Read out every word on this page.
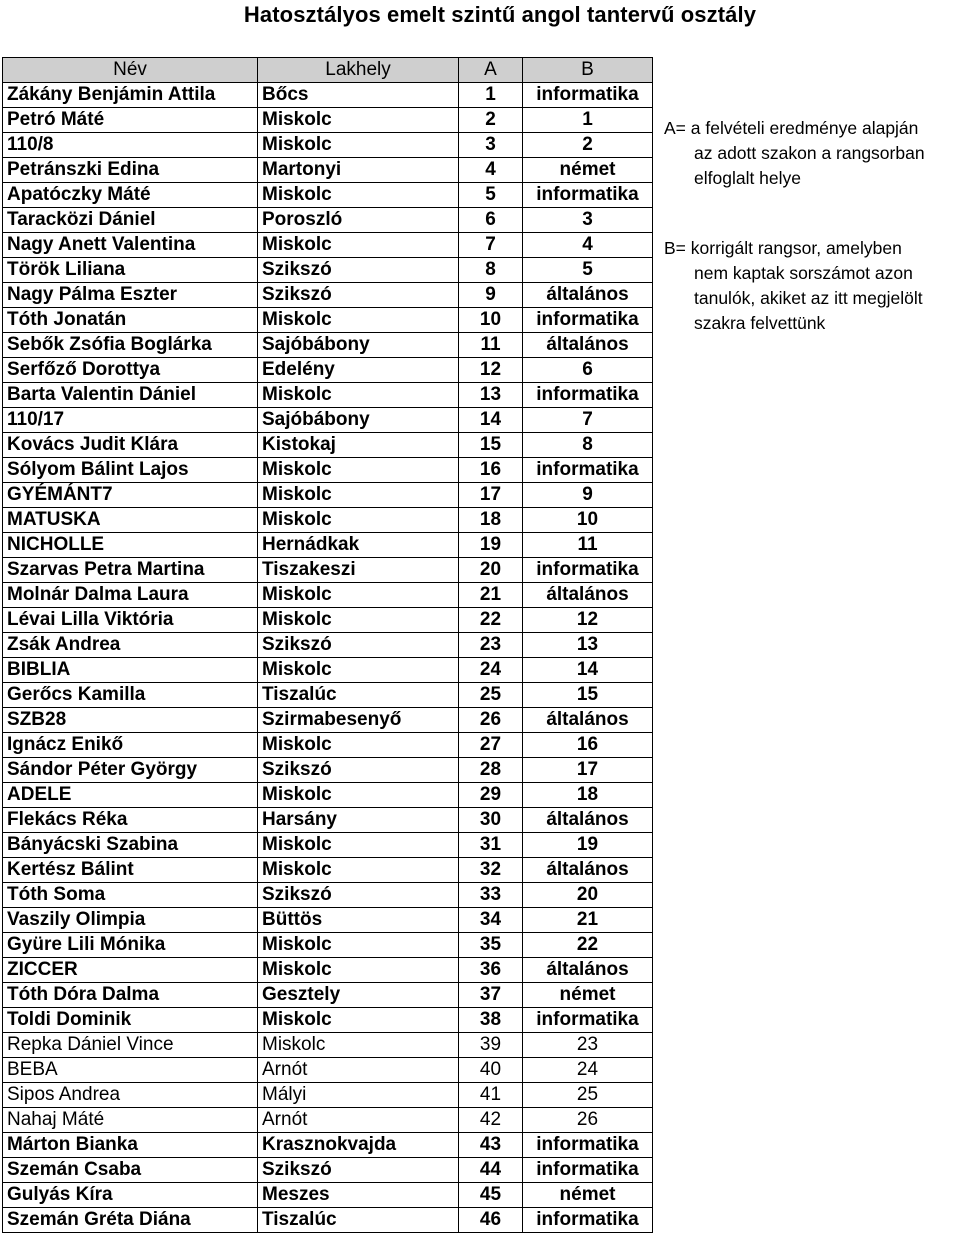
Hatosztályos emelt szintű angol tantervű osztály
Név	Lakhely	A	B
Zákány Benjámin Attila	Bőcs	1	informatika
Petró Máté	Miskolc	2	1
110/8	Miskolc	3	2
Petránszki Edina	Martonyi	4	német
Apatóczky Máté	Miskolc	5	informatika
Taracközi Dániel	Poroszló	6	3
Nagy Anett Valentina	Miskolc	7	4
Török Liliana	Szikszó	8	5
Nagy Pálma Eszter	Szikszó	9	általános
Tóth Jonatán	Miskolc	10	informatika
Sebők Zsófia Boglárka	Sajóbábony	11	általános
Serfőző Dorottya	Edelény	12	6
Barta Valentin Dániel	Miskolc	13	informatika
110/17	Sajóbábony	14	7
Kovács Judit Klára	Kistokaj	15	8
Sólyom Bálint Lajos	Miskolc	16	informatika
GYÉMÁNT7	Miskolc	17	9
MATUSKA	Miskolc	18	10
NICHOLLE	Hernádkak	19	11
Szarvas Petra Martina	Tiszakeszi	20	informatika
Molnár Dalma Laura	Miskolc	21	általános
Lévai Lilla Viktória	Miskolc	22	12
Zsák Andrea	Szikszó	23	13
BIBLIA	Miskolc	24	14
Gerőcs Kamilla	Tiszalúc	25	15
SZB28	Szirmabesenyő	26	általános
Ignácz Enikő	Miskolc	27	16
Sándor Péter György	Szikszó	28	17
ADELE	Miskolc	29	18
Flekács Réka	Harsány	30	általános
Bányácski Szabina	Miskolc	31	19
Kertész Bálint	Miskolc	32	általános
Tóth Soma	Szikszó	33	20
Vaszily Olimpia	Büttös	34	21
Gyüre Lili Mónika	Miskolc	35	22
ZICCER	Miskolc	36	általános
Tóth Dóra Dalma	Gesztely	37	német
Toldi Dominik	Miskolc	38	informatika
Repka Dániel Vince	Miskolc	39	23
BEBA	Arnót	40	24
Sipos Andrea	Mályi	41	25
Nahaj Máté	Arnót	42	26
Márton Bianka	Krasznokvajda	43	informatika
Szemán Csaba	Szikszó	44	informatika
Gulyás Kíra	Meszes	45	német
Szemán Gréta Diána	Tiszalúc	46	informatika
A= a felvételi eredménye alapján
az adott szakon a rangsorban
elfoglalt helye
B= korrigált rangsor, amelyben
nem kaptak sorszámot azon
tanulók, akiket az itt megjelölt
szakra felvettünk
